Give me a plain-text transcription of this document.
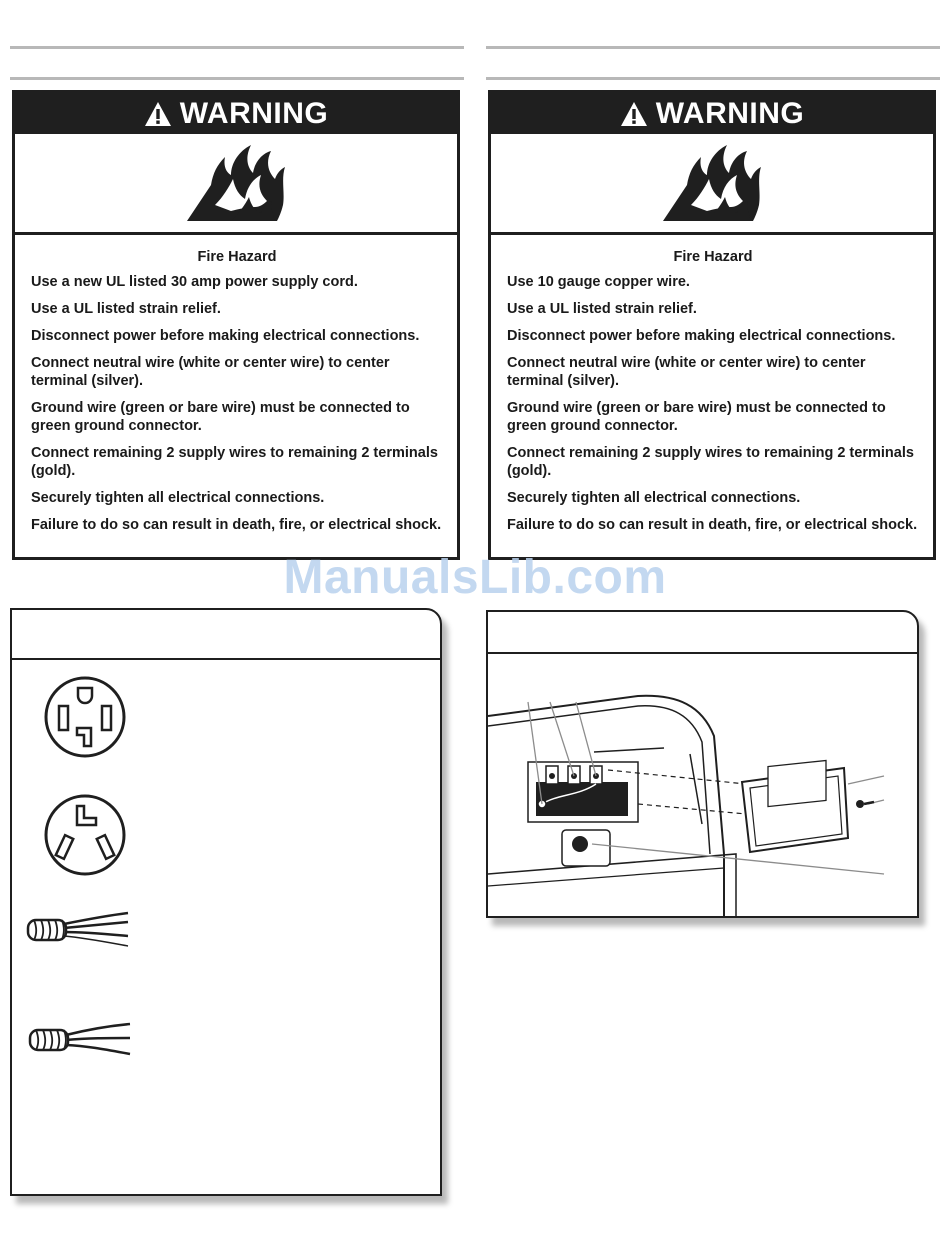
WARNING
Fire Hazard

Use a new UL listed 30 amp power supply cord.

Use a UL listed strain relief.

Disconnect power before making electrical connections.

Connect neutral wire (white or center wire) to center terminal (silver).

Ground wire (green or bare wire) must be connected to green ground connector.

Connect remaining 2 supply wires to remaining 2 terminals (gold).

Securely tighten all electrical connections.

Failure to do so can result in death, fire, or electrical shock.

WARNING
Fire Hazard

Use 10 gauge copper wire.

Use a UL listed strain relief.

Disconnect power before making electrical connections.

Connect neutral wire (white or center wire) to center terminal (silver).

Ground wire (green or bare wire) must be connected to green ground connector.

Connect remaining 2 supply wires to remaining 2 terminals (gold).

Securely tighten all electrical connections.

Failure to do so can result in death, fire, or electrical shock.

ManualsLib.com
